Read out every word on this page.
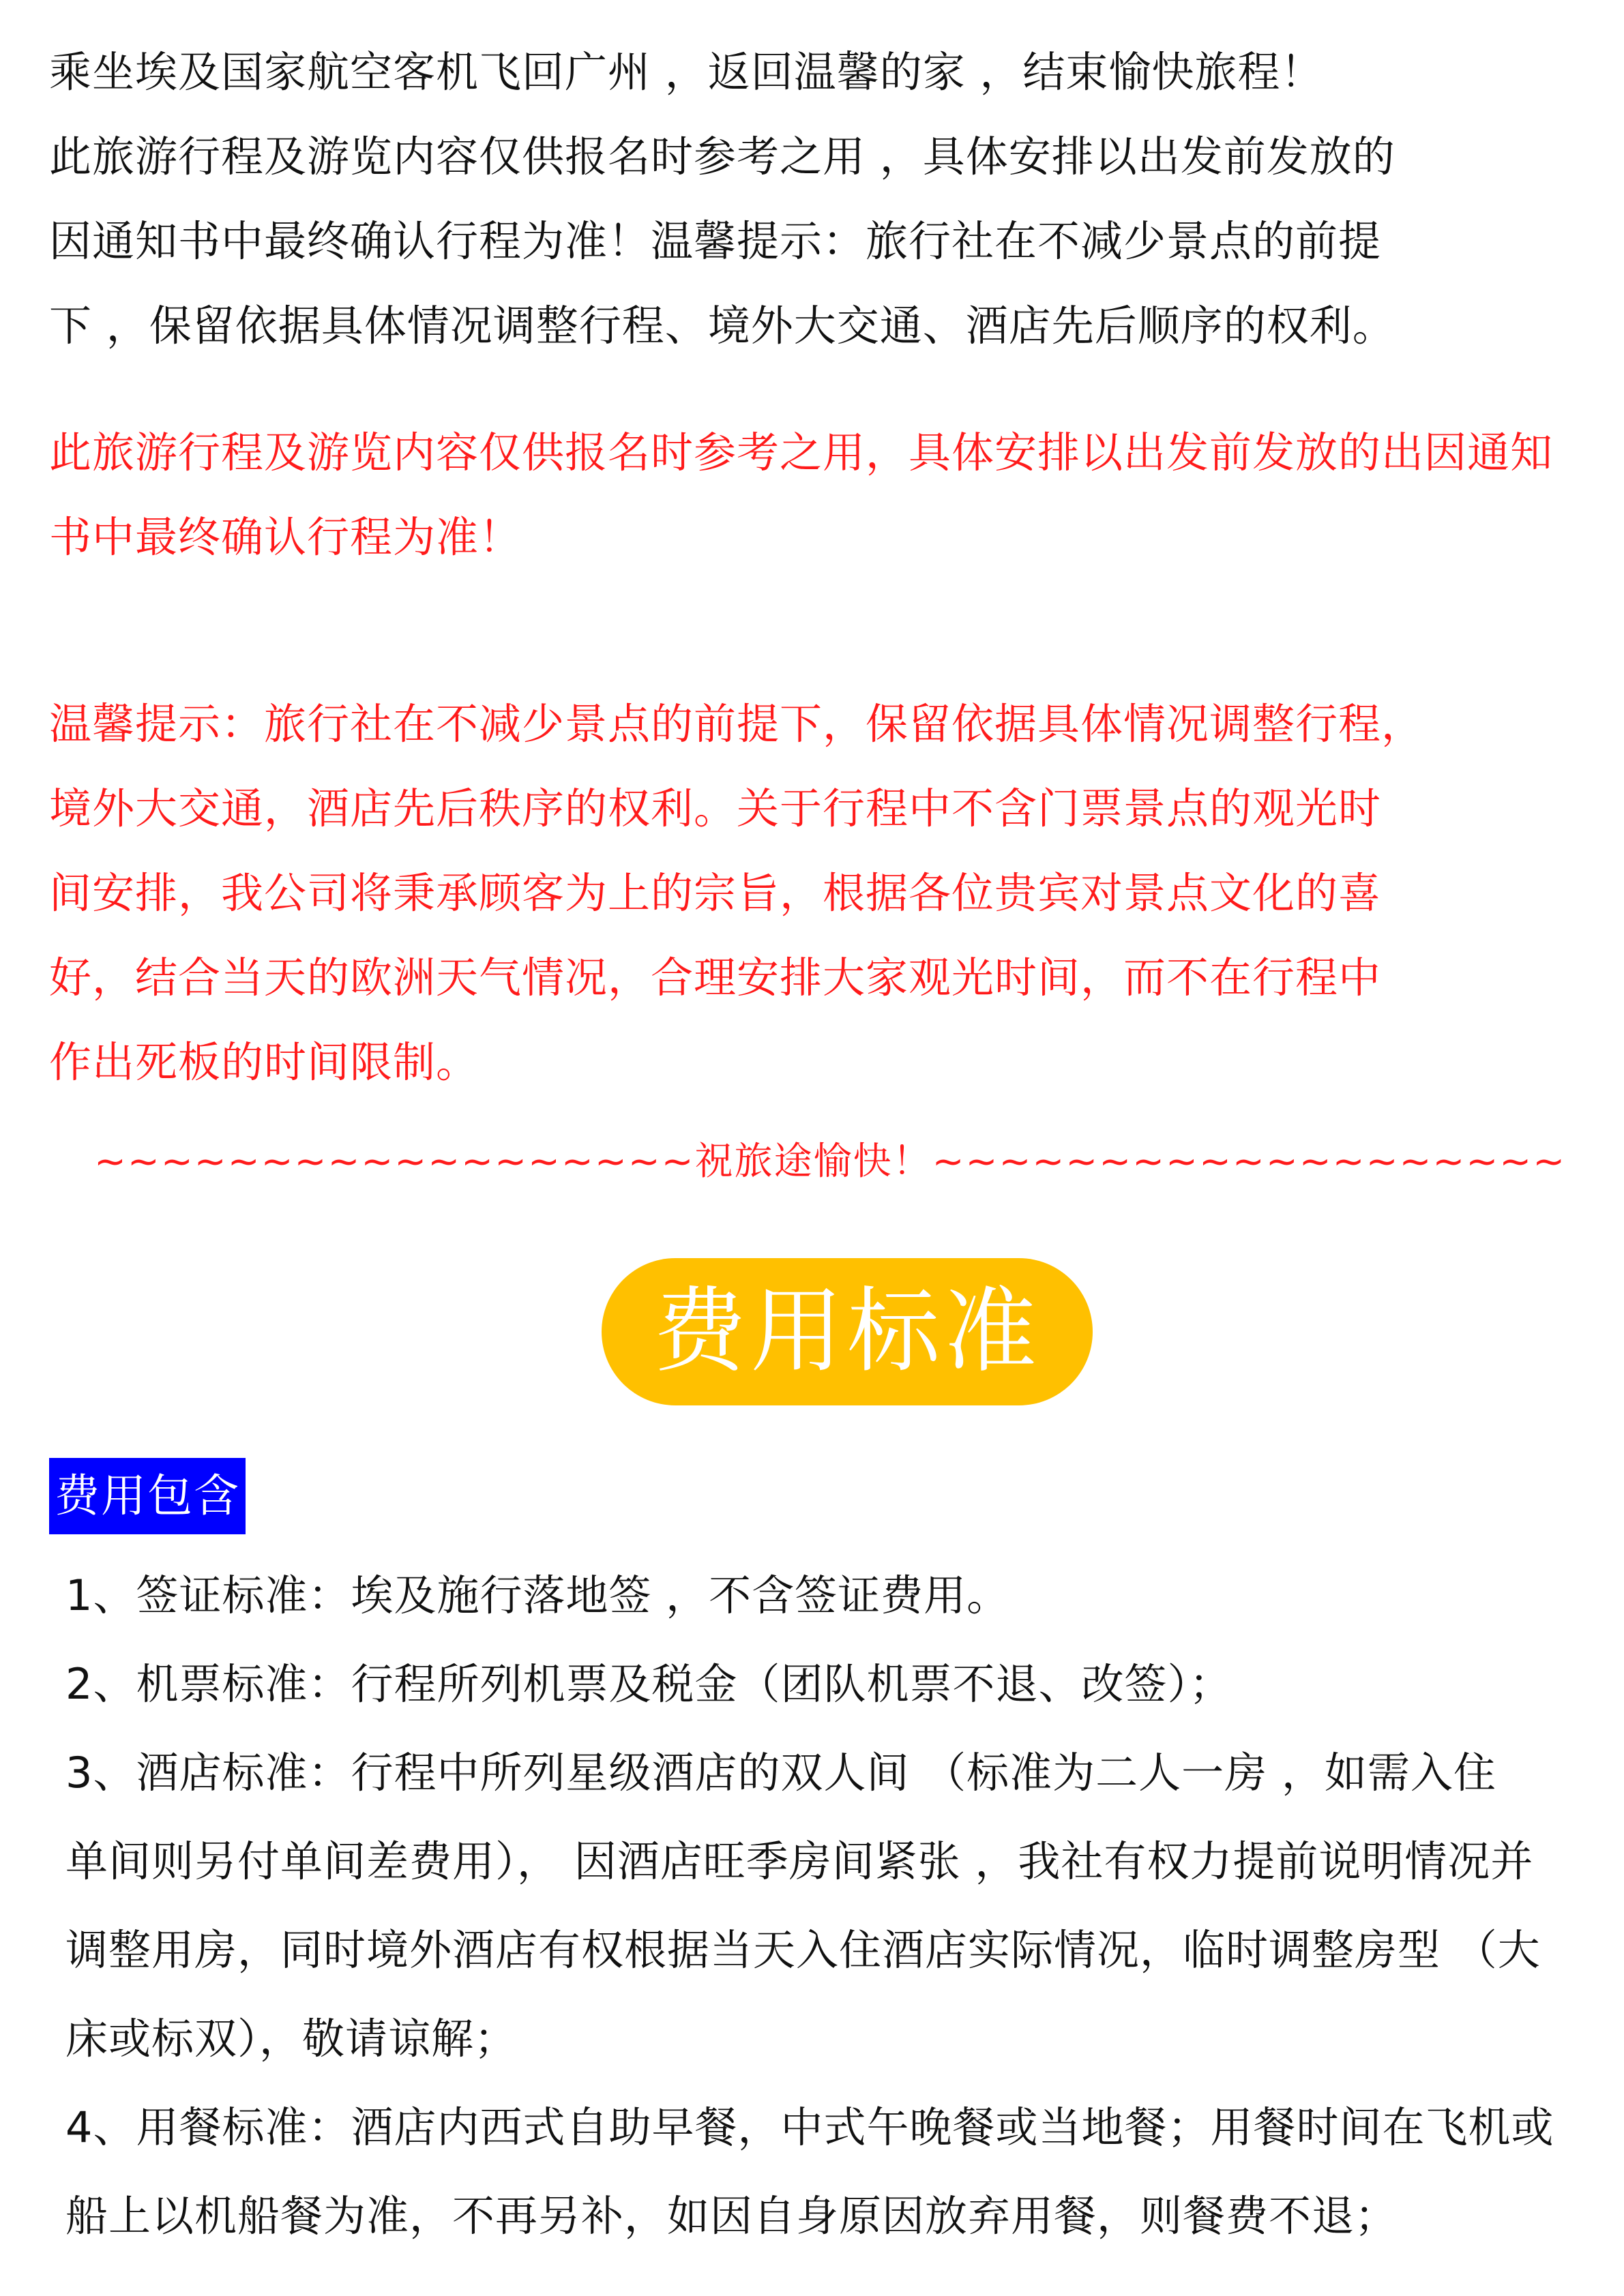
乘坐埃及国家航空客机飞回广州 ，返回温馨的家 ，结束愉快旅程！
此旅游行程及游览内容仅供报名时参考之用 ，具体安排以出发前发放的
因通知书中最终确认行程为准！温馨提示：旅行社在不减少景点的前提
下 ，保留依据具体情况调整行程、境外大交通、酒店先后顺序的权利。
此旅游行程及游览内容仅供报名时参考之用，具体安排以出发前发放的出因通知
书中最终确认行程为准！
温馨提示：旅行社在不减少景点的前提下，保留依据具体情况调整行程，
境外大交通，酒店先后秩序的权利。关于行程中不含门票景点的观光时
间安排，我公司将秉承顾客为上的宗旨，根据各位贵宾对景点文化的喜
好，结合当天的欧洲天气情况，合理安排大家观光时间，而不在行程中
作出死板的时间限制。
~~~~~~~~~~~~~~~~~~祝旅途愉快！~~~~~~~~~~~~~~~~~~~
费用标准
费用包含
1、签证标准：埃及施行落地签 ，不含签证费用。
2、机票标准：行程所列机票及税金（团队机票不退、改签）；
3、酒店标准：行程中所列星级酒店的双人间 （标准为二人一房 ，如需入住
单间则另付单间差费用）， 因酒店旺季房间紧张 ，我社有权力提前说明情况并
调整用房，同时境外酒店有权根据当天入住酒店实际情况，临时调整房型 （大
床或标双），敬请谅解；
4、用餐标准：酒店内西式自助早餐，中式午晚餐或当地餐；用餐时间在飞机或
船上以机船餐为准，不再另补，如因自身原因放弃用餐，则餐费不退；
